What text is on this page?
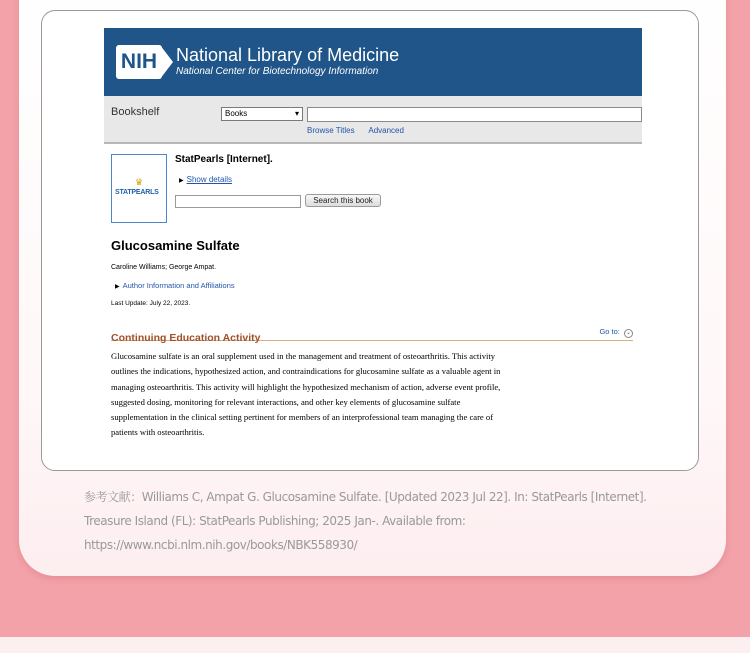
NIH National Library of Medicine
National Center for Biotechnology Information
Bookshelf	Books	▾
Browse Titles Advanced
♛
STATPEARLS
StatPearls [Internet].
▶ Show details
Search this book
Glucosamine Sulfate
Caroline Williams; George Ampat.
▶ Author Information and Affiliations
Last Update: July 22, 2023.
Continuing Education Activity
Go to: ⌄
Glucosamine sulfate is an oral supplement used in the management and treatment of osteoarthritis. This activity
outlines the indications, hypothesized action, and contraindications for glucosamine sulfate as a valuable agent in
managing osteoarthritis. This activity will highlight the hypothesized mechanism of action, adverse event profile,
suggested dosing, monitoring for relevant interactions, and other key elements of glucosamine sulfate
supplementation in the clinical setting pertinent for members of an interprofessional team managing the care of
patients with osteoarthritis.
参考文献：Williams C, Ampat G. Glucosamine Sulfate. [Updated 2023 Jul 22]. In: StatPearls [Internet]. Treasure Island (FL): StatPearls Publishing; 2025 Jan-. Available from: https://www.ncbi.nlm.nih.gov/books/NBK558930/
